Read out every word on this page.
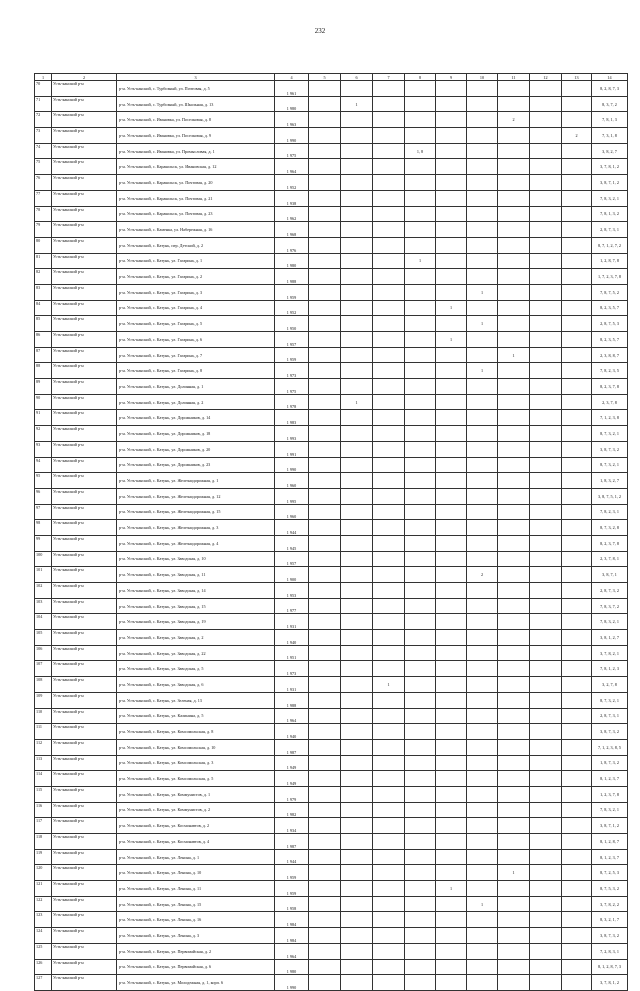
232
1	2	3	4	5	6	7	8	9	10	11	12	13	14
70	Усть-канский р-н	р-н. Усть-канский, с. Турбозный, ул. Почтовая, д. 5	1 961										8, 2, 8, 7, 3
71	Усть-канский р-н	р-н. Усть-канский, с. Турбозный, ул. Школьная, д. 13	1 980		1								8, 3, 7, 2
72	Усть-канский р-н	р-н. Усть-канский, с. Ивановка, ул. Поселковая, д. 8	1 963							2			7, 8, 1, 3
73	Усть-канский р-н	р-н. Усть-канский, с. Ивановка, ул. Поселковая, д. 9	1 990									2	7, 3, 1, 8
74	Усть-канский р-н	р-н. Усть-канский, с. Ивановка, ул. Промысловая, д. 1	1 975				1, 8						3, 8, 2, 7
75	Усть-канский р-н	р-н. Усть-канский, с. Каракольск, ул. Ивановская, д. 12	1 964										3, 7, 8, 1, 2
76	Усть-канский р-н	р-н. Усть-канский, с. Каракольск, ул. Почтовая, д. 20	1 952										3, 8, 7, 1, 2
77	Усть-канский р-н	р-н. Усть-канский, с. Каракольск, ул. Почтовая, д. 21	1 938										7, 8, 3, 2, 1
78	Усть-канский р-н	р-н. Усть-канский, с. Каракольск, ул. Почтовая, д. 23	1 962										7, 8, 1, 3, 2
79	Усть-канский р-н	р-н. Усть-канский, с. Каменка, ул. Набережная, д. 16	1 968										2, 8, 7, 3, 1
80	Усть-канский р-н	р-н. Усть-канский, с. Катунь, пер. Детский, д. 2	1 976										8, 7, 1, 2, 7, 2
81	Усть-канский р-н	р-н. Усть-канский, с. Катунь, ул. Гагарина, д. 1	1 980				1						1, 2, 8, 7, 8
82	Усть-канский р-н	р-н. Усть-канский, с. Катунь, ул. Гагарина, д. 2	1 988										1, 7, 2, 3, 7, 8
83	Усть-канский р-н	р-н. Усть-канский, с. Катунь, ул. Гагарина, д. 3	1 959						1				7, 8, 7, 5, 2
84	Усть-канский р-н	р-н. Усть-канский, с. Катунь, ул. Гагарина, д. 4	1 952					1					8, 2, 3, 5, 7
85	Усть-канский р-н	р-н. Усть-канский, с. Катунь, ул. Гагарина, д. 5	1 950						1				2, 8, 7, 5, 3
86	Усть-канский р-н	р-н. Усть-канский, с. Катунь, ул. Гагарина, д. 6	1 957					1					8, 2, 3, 5, 7
87	Усть-канский р-н	р-н. Усть-канский, с. Катунь, ул. Гагарина, д. 7	1 959							1			2, 3, 8, 8, 7
88	Усть-канский р-н	р-н. Усть-канский, с. Катунь, ул. Гагарина, д. 8	1 973						1				7, 8, 2, 3, 5
89	Усть-канский р-н	р-н. Усть-канский, с. Катунь, ул. Долинная, д. 1	1 975										8, 2, 3, 7, 8
90	Усть-канский р-н	р-н. Усть-канский, с. Катунь, ул. Долинная, д. 2	1 978		1								2, 3, 7, 8
91	Усть-канский р-н	р-н. Усть-канский, с. Катунь, ул. Дорожников, д. 14	1 983										7, 1, 2, 3, 8
92	Усть-канский р-н	р-н. Усть-канский, с. Катунь, ул. Дорожников, д. 18	1 993										8, 7, 3, 2, 1
93	Усть-канский р-н	р-н. Усть-канский, с. Катунь, ул. Дорожников, д. 20	1 991										3, 8, 7, 3, 2
94	Усть-канский р-н	р-н. Усть-канский, с. Катунь, ул. Дорожников, д. 23	1 990										8, 7, 3, 2, 1
95	Усть-канский р-н	р-н. Усть-канский, с. Катунь, ул. Железнодорожная, д. 1	1 960										1, 8, 3, 2, 7
96	Усть-канский р-н	р-н. Усть-канский, с. Катунь, ул. Железнодорожная, д. 12	1 995										3, 8, 7, 5, 1, 2
97	Усть-канский р-н	р-н. Усть-канский, с. Катунь, ул. Железнодорожная, д. 15	1 960										7, 8, 2, 3, 1
98	Усть-канский р-н	р-н. Усть-канский, с. Катунь, ул. Железнодорожная, д. 3	1 944										8, 7, 3, 2, 8
99	Усть-канский р-н	р-н. Усть-канский, с. Катунь, ул. Железнодорожная, д. 4	1 945										8, 2, 3, 7, 8
100	Усть-канский р-н	р-н. Усть-канский, с. Катунь, ул. Заводская, д. 10	1 957										2, 3, 7, 8, 1
101	Усть-канский р-н	р-н. Усть-канский, с. Катунь, ул. Заводская, д. 11	1 900						2				3, 8, 7, 1
102	Усть-канский р-н	р-н. Усть-канский, с. Катунь, ул. Заводская, д. 14	1 953										2, 8, 7, 3, 2
103	Усть-канский р-н	р-н. Усть-канский, с. Катунь, ул. Заводская, д. 15	1 977										7, 8, 3, 7, 2
104	Усть-канский р-н	р-н. Усть-канский, с. Катунь, ул. Заводская, д. 19	1 931										7, 8, 3, 2, 1
105	Усть-канский р-н	р-н. Усть-канский, с. Катунь, ул. Заводская, д. 2	1 940										3, 8, 1, 2, 7
106	Усть-канский р-н	р-н. Усть-канский, с. Катунь, ул. Заводская, д. 22	1 951										3, 7, 8, 2, 1
107	Усть-канский р-н	р-н. Усть-канский, с. Катунь, ул. Заводская, д. 5	1 973										7, 8, 1, 2, 3
108	Усть-канский р-н	р-н. Усть-канский, с. Катунь, ул. Заводская, д. 6	1 931			1							3, 2, 7, 8
109	Усть-канский р-н	р-н. Усть-канский, с. Катунь, ул. Зеленая, д. 13	1 988										8, 7, 3, 2, 1
110	Усть-канский р-н	р-н. Усть-канский, с. Катунь, ул. Калинина, д. 5	1 964										2, 8, 7, 3, 1
111	Усть-канский р-н	р-н. Усть-канский, с. Катунь, ул. Комсомольская, д. 8	1 940										3, 8, 7, 3, 2
112	Усть-канский р-н	р-н. Усть-канский, с. Катунь, ул. Комсомольская, д. 10	1 987										7, 1, 2, 3, 8, 5
113	Усть-канский р-н	р-н. Усть-канский, с. Катунь, ул. Комсомольская, д. 3	1 949										1, 8, 7, 3, 2
114	Усть-канский р-н	р-н. Усть-канский, с. Катунь, ул. Комсомольская, д. 5	1 949										8, 1, 2, 3, 7
115	Усть-канский р-н	р-н. Усть-канский, с. Катунь, ул. Коммунистов, д. 1	1 979										1, 2, 3, 7, 8
116	Усть-канский р-н	р-н. Усть-канский, с. Катунь, ул. Коммунистов, д. 2	1 982										7, 8, 3, 2, 1
117	Усть-канский р-н	р-н. Усть-канский, с. Катунь, ул. Космонавтов, д. 2	1 934										3, 8, 7, 1, 2
118	Усть-канский р-н	р-н. Усть-канский, с. Катунь, ул. Космонавтов, д. 4	1 987										8, 1, 2, 8, 7
119	Усть-канский р-н	р-н. Усть-канский, с. Катунь, ул. Ленина, д. 1	1 944										8, 1, 2, 3, 7
120	Усть-канский р-н	р-н. Усть-канский, с. Катунь, ул. Ленина, д. 10	1 959							1			8, 7, 2, 5, 3
121	Усть-канский р-н	р-н. Усть-канский, с. Катунь, ул. Ленина, д. 11	1 959					1					8, 7, 5, 3, 2
122	Усть-канский р-н	р-н. Усть-канский, с. Катунь, ул. Ленина, д. 15	1 958						1				3, 7, 8, 2, 2
123	Усть-канский р-н	р-н. Усть-канский, с. Катунь, ул. Ленина, д. 16	1 984										8, 3, 2, 1, 7
124	Усть-канский р-н	р-н. Усть-канский, с. Катунь, ул. Ленина, д. 3	1 984										3, 8, 7, 3, 2
125	Усть-канский р-н	р-н. Усть-канский, с. Катунь, ул. Первомайская, д. 2	1 964										7, 2, 8, 3, 1
126	Усть-канский р-н	р-н. Усть-канский, с. Катунь, ул. Первомайская, д. 6	1 980										8, 1, 2, 8, 7, 3
127	Усть-канский р-н	р-н. Усть-канский, с. Катунь, ул. Молодежная, д. 1, корп. 6	1 990										3, 7, 8, 1, 2
